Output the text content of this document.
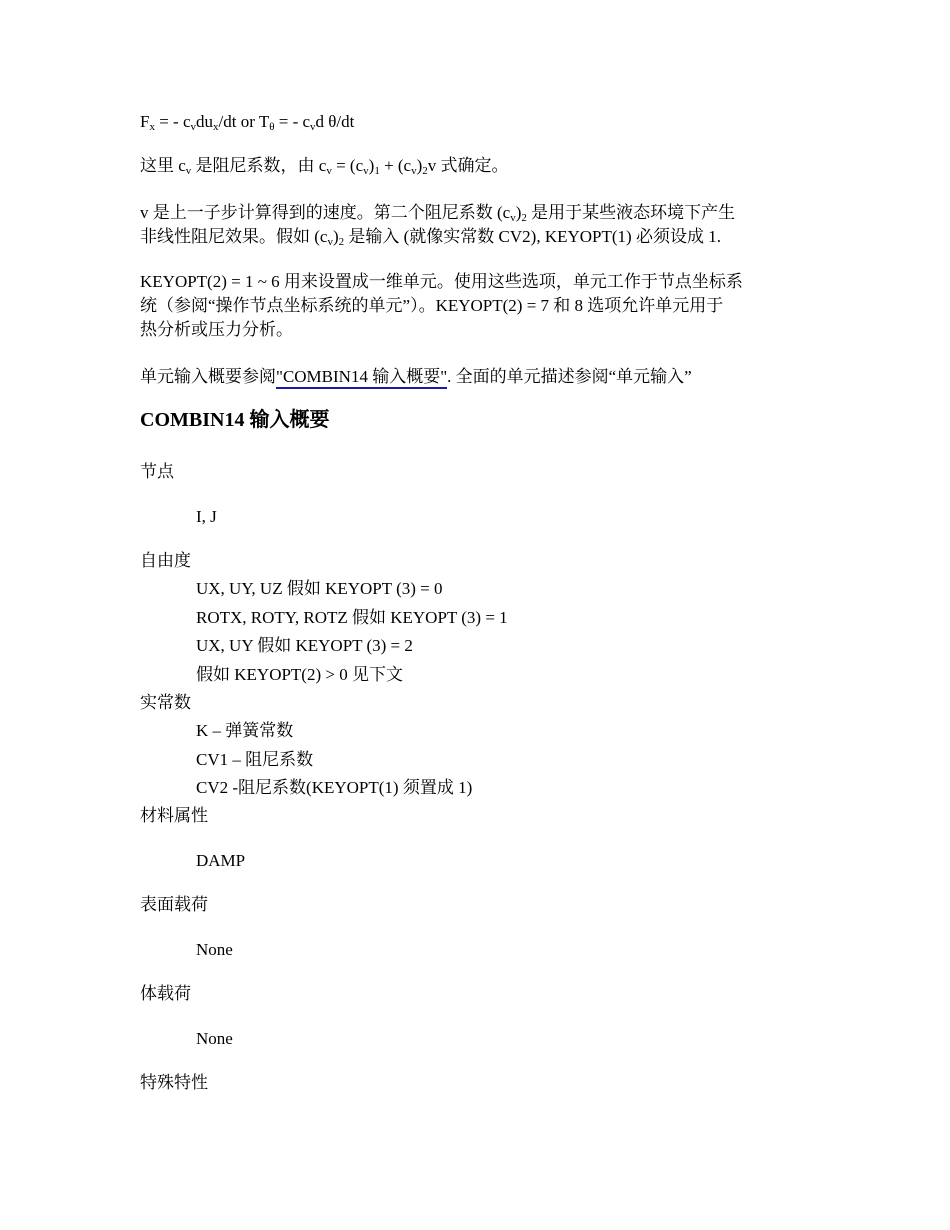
$F_x$ = - $c_vdu_x/dt$ or $T_\theta$ = - $c_vd$ θ/dt

这里 $c_v$ 是阻尼系数，由 $c_v = (c_v)_1 + (c_v)_2v$ 式确定。

v 是上一子步计算得到的速度。第二个阻尼系数 $(c_v)_2$ 是用于某些液态环境下产生

非线性阻尼效果。假如 $(c_v)_2$ 是输入 (就像实常数 CV2), KEYOPT(1) 必须设成 1.

KEYOPT(2) = 1 ~ 6 用来设置成一维单元。使用这些选项，单元工作于节点坐标系

统（参阅“操作节点坐标系统的单元”）。KEYOPT(2) = 7 和 8 选项允许单元用于

热分析或压力分析。

单元输入概要参阅"COMBIN14 输入概要". 全面的单元描述参阅“单元输入”

COMBIN14 输入概要

节点

I, J

自由度

UX, UY, UZ 假如 KEYOPT (3) = 0

ROTX, ROTY, ROTZ 假如 KEYOPT (3) = 1

UX, UY 假如 KEYOPT (3) = 2

假如 KEYOPT(2) > 0 见下文

实常数

K – 弹簧常数

CV1 – 阻尼系数

CV2 -阻尼系数(KEYOPT(1) 须置成 1)

材料属性

DAMP

表面载荷

None

体载荷

None

特殊特性
